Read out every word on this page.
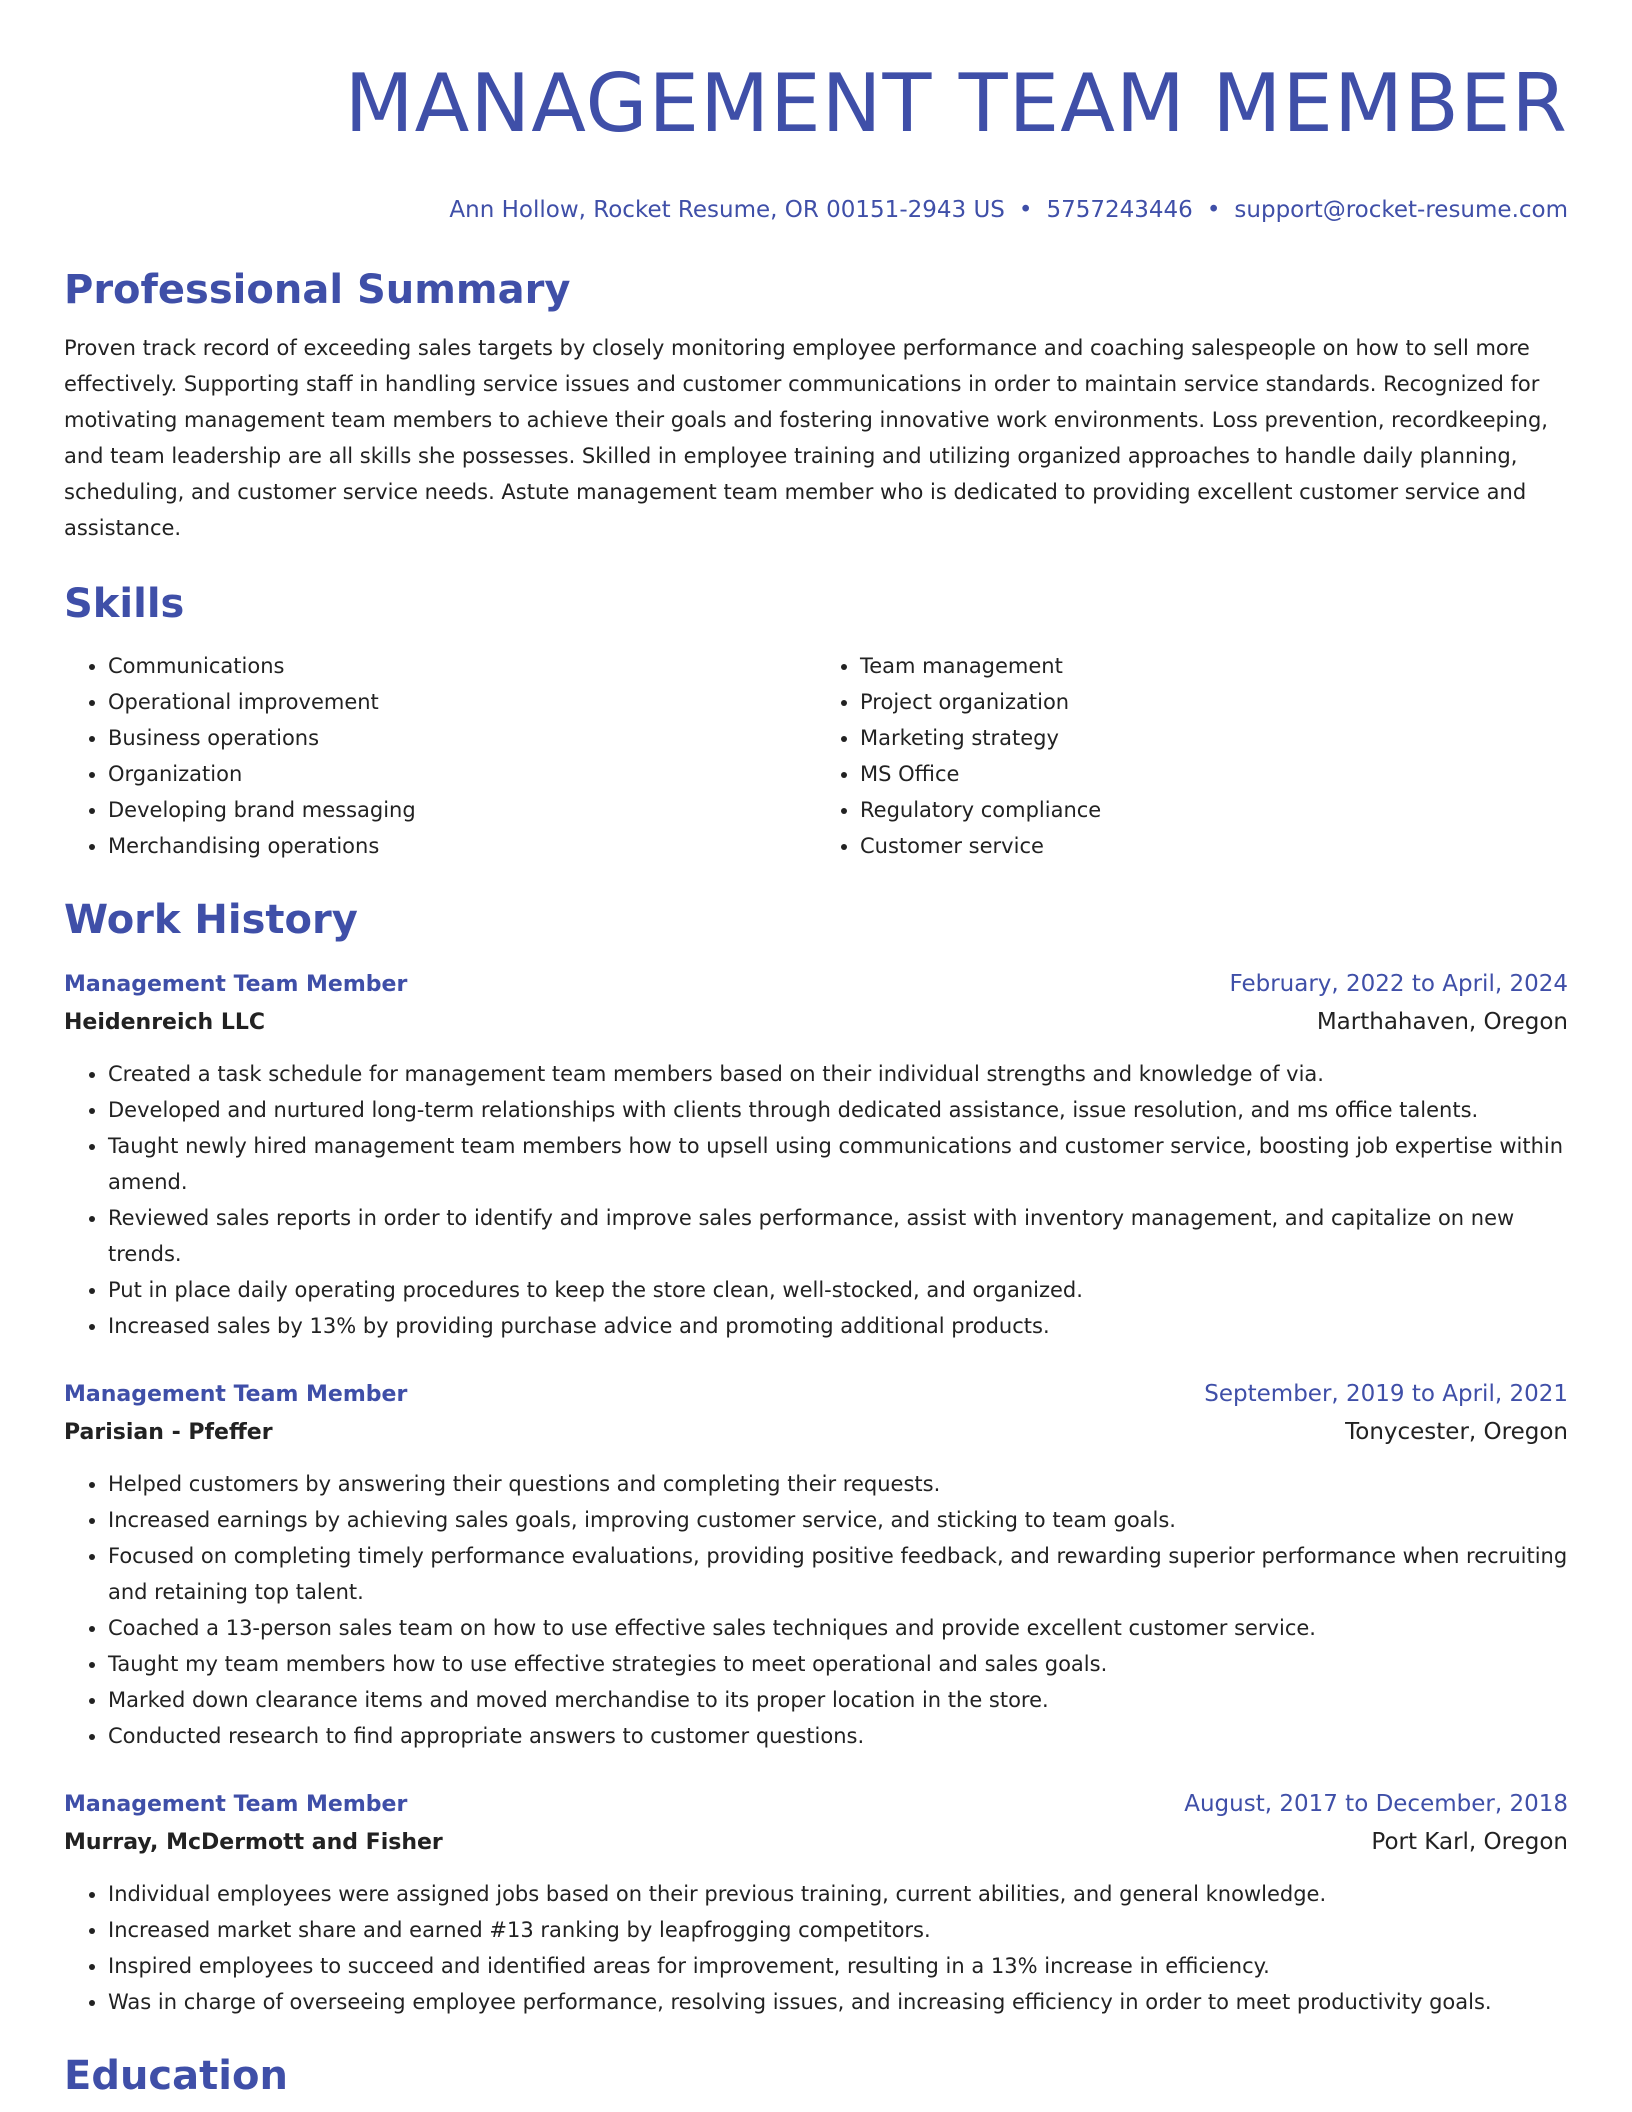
MANAGEMENT TEAM MEMBER
Ann Hollow, Rocket Resume, OR 00151-2943 US • 5757243446 • support@rocket-resume.com
Professional Summary
Proven track record of exceeding sales targets by closely monitoring employee performance and coaching salespeople on how to sell more effectively. Supporting staff in handling service issues and customer communications in order to maintain service standards. Recognized for motivating management team members to achieve their goals and fostering innovative work environments. Loss prevention, recordkeeping, and team leadership are all skills she possesses. Skilled in employee training and utilizing organized approaches to handle daily planning, scheduling, and customer service needs. Astute management team member who is dedicated to providing excellent customer service and assistance.
Skills
• Communications
• Operational improvement
• Business operations
• Organization
• Developing brand messaging
• Merchandising operations
• Team management
• Project organization
• Marketing strategy
• MS Office
• Regulatory compliance
• Customer service
Work History
Management Team Member	February, 2022 to April, 2024
Heidenreich LLC	Marthahaven, Oregon
• Created a task schedule for management team members based on their individual strengths and knowledge of via.
• Developed and nurtured long-term relationships with clients through dedicated assistance, issue resolution, and ms office talents.
• Taught newly hired management team members how to upsell using communications and customer service, boosting job expertise within amend.
• Reviewed sales reports in order to identify and improve sales performance, assist with inventory management, and capitalize on new trends.
• Put in place daily operating procedures to keep the store clean, well-stocked, and organized.
• Increased sales by 13% by providing purchase advice and promoting additional products.
Management Team Member	September, 2019 to April, 2021
Parisian - Pfeffer	Tonycester, Oregon
• Helped customers by answering their questions and completing their requests.
• Increased earnings by achieving sales goals, improving customer service, and sticking to team goals.
• Focused on completing timely performance evaluations, providing positive feedback, and rewarding superior performance when recruiting and retaining top talent.
• Coached a 13-person sales team on how to use effective sales techniques and provide excellent customer service.
• Taught my team members how to use effective strategies to meet operational and sales goals.
• Marked down clearance items and moved merchandise to its proper location in the store.
• Conducted research to find appropriate answers to customer questions.
Management Team Member	August, 2017 to December, 2018
Murray, McDermott and Fisher	Port Karl, Oregon
• Individual employees were assigned jobs based on their previous training, current abilities, and general knowledge.
• Increased market share and earned #13 ranking by leapfrogging competitors.
• Inspired employees to succeed and identified areas for improvement, resulting in a 13% increase in efficiency.
• Was in charge of overseeing employee performance, resolving issues, and increasing efficiency in order to meet productivity goals.
Education
